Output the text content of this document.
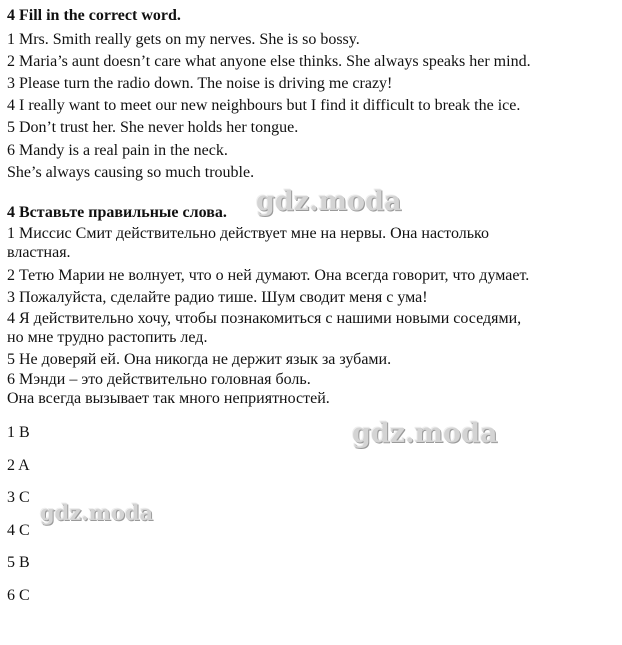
4 Fill in the correct word.
1 Mrs. Smith really gets on my nerves. She is so bossy.
2 Maria’s aunt doesn’t care what anyone else thinks. She always speaks her mind.
3 Please turn the radio down. The noise is driving me crazy!
4 I really want to meet our new neighbours but I find it difficult to break the ice.
5 Don’t trust her. She never holds her tongue.
6 Mandy is a real pain in the neck.
She’s always causing so much trouble.
4 Вставьте правильные слова.
1 Миссис Смит действительно действует мне на нервы. Она настолько
властная.
2 Тетю Марии не волнует, что о ней думают. Она всегда говорит, что думает.
3 Пожалуйста, сделайте радио тише. Шум сводит меня с ума!
4 Я действительно хочу, чтобы познакомиться с нашими новыми соседями,
но мне трудно растопить лед.
5 Не доверяй ей. Она никогда не держит язык за зубами.
6 Мэнди – это действительно головная боль.
Она всегда вызывает так много неприятностей.
1 B
2 A
3 C
4 C
5 B
6 C
gdz.moda
gdz.moda
gdz.moda
